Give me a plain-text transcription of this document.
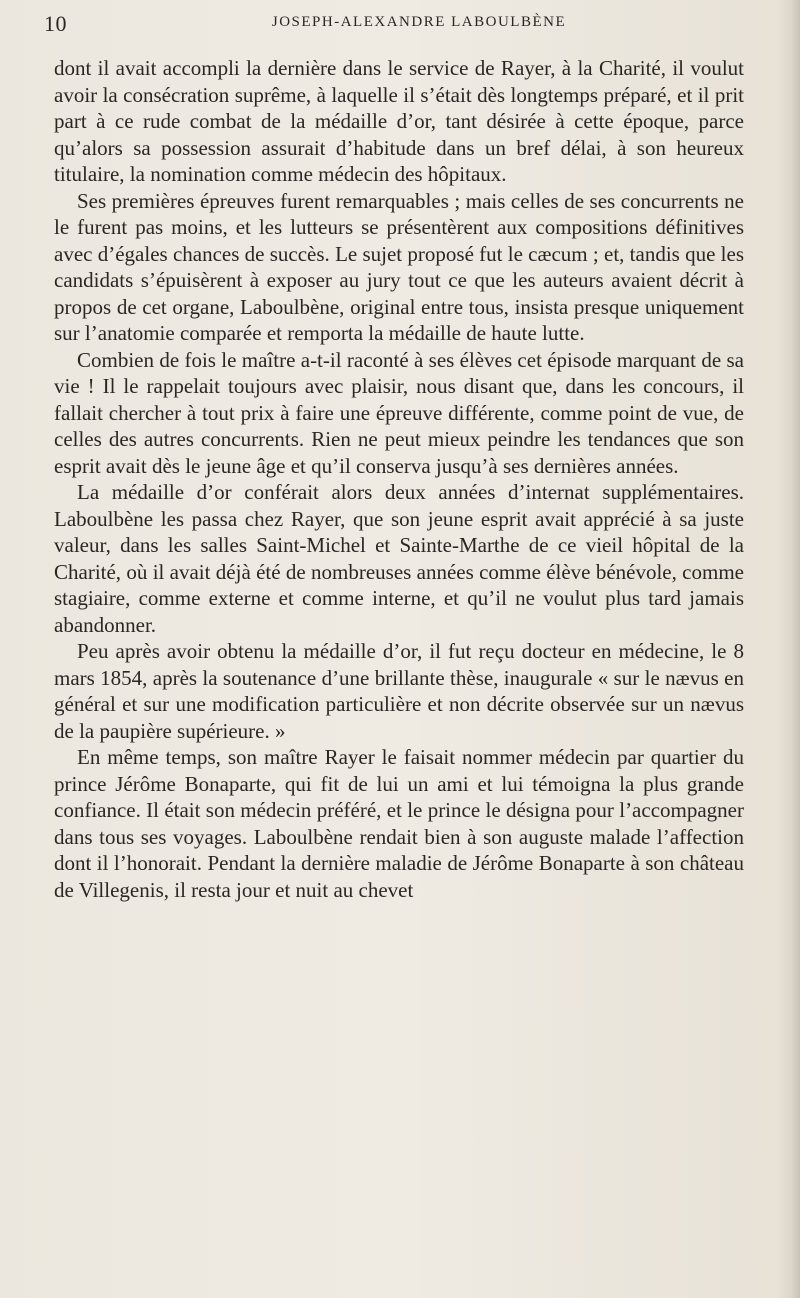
10	JOSEPH-ALEXANDRE LABOULBÈNE

dont il avait accompli la dernière dans le service de Rayer, à la Charité, il voulut avoir la consécration suprême, à laquelle il s’était dès longtemps préparé, et il prit part à ce rude combat de la médaille d’or, tant désirée à cette époque, parce qu’alors sa possession assurait d’habitude dans un bref délai, à son heureux titulaire, la nomination comme médecin des hôpitaux.

Ses premières épreuves furent remarquables ; mais celles de ses concurrents ne le furent pas moins, et les lutteurs se présentèrent aux compositions définitives avec d’égales chances de succès. Le sujet proposé fut le cæcum ; et, tandis que les candidats s’épuisèrent à exposer au jury tout ce que les auteurs avaient décrit à propos de cet organe, Laboulbène, original entre tous, insista presque uniquement sur l’anatomie comparée et remporta la médaille de haute lutte.

Combien de fois le maître a-t-il raconté à ses élèves cet épisode marquant de sa vie ! Il le rappelait toujours avec plaisir, nous disant que, dans les concours, il fallait chercher à tout prix à faire une épreuve différente, comme point de vue, de celles des autres concurrents. Rien ne peut mieux peindre les tendances que son esprit avait dès le jeune âge et qu’il conserva jusqu’à ses dernières années.

La médaille d’or conférait alors deux années d’internat supplémentaires. Laboulbène les passa chez Rayer, que son jeune esprit avait apprécié à sa juste valeur, dans les salles Saint-Michel et Sainte-Marthe de ce vieil hôpital de la Charité, où il avait déjà été de nombreuses années comme élève bénévole, comme stagiaire, comme externe et comme interne, et qu’il ne voulut plus tard jamais abandonner.

Peu après avoir obtenu la médaille d’or, il fut reçu docteur en médecine, le 8 mars 1854, après la soutenance d’une brillante thèse, inaugurale « sur le nævus en général et sur une modification particulière et non décrite observée sur un nævus de la paupière supérieure. »

En même temps, son maître Rayer le faisait nommer médecin par quartier du prince Jérôme Bonaparte, qui fit de lui un ami et lui témoigna la plus grande confiance. Il était son médecin préféré, et le prince le désigna pour l’accompagner dans tous ses voyages. Laboulbène rendait bien à son auguste malade l’affection dont il l’honorait. Pendant la dernière maladie de Jérôme Bonaparte à son château de Villegenis, il resta jour et nuit au chevet
